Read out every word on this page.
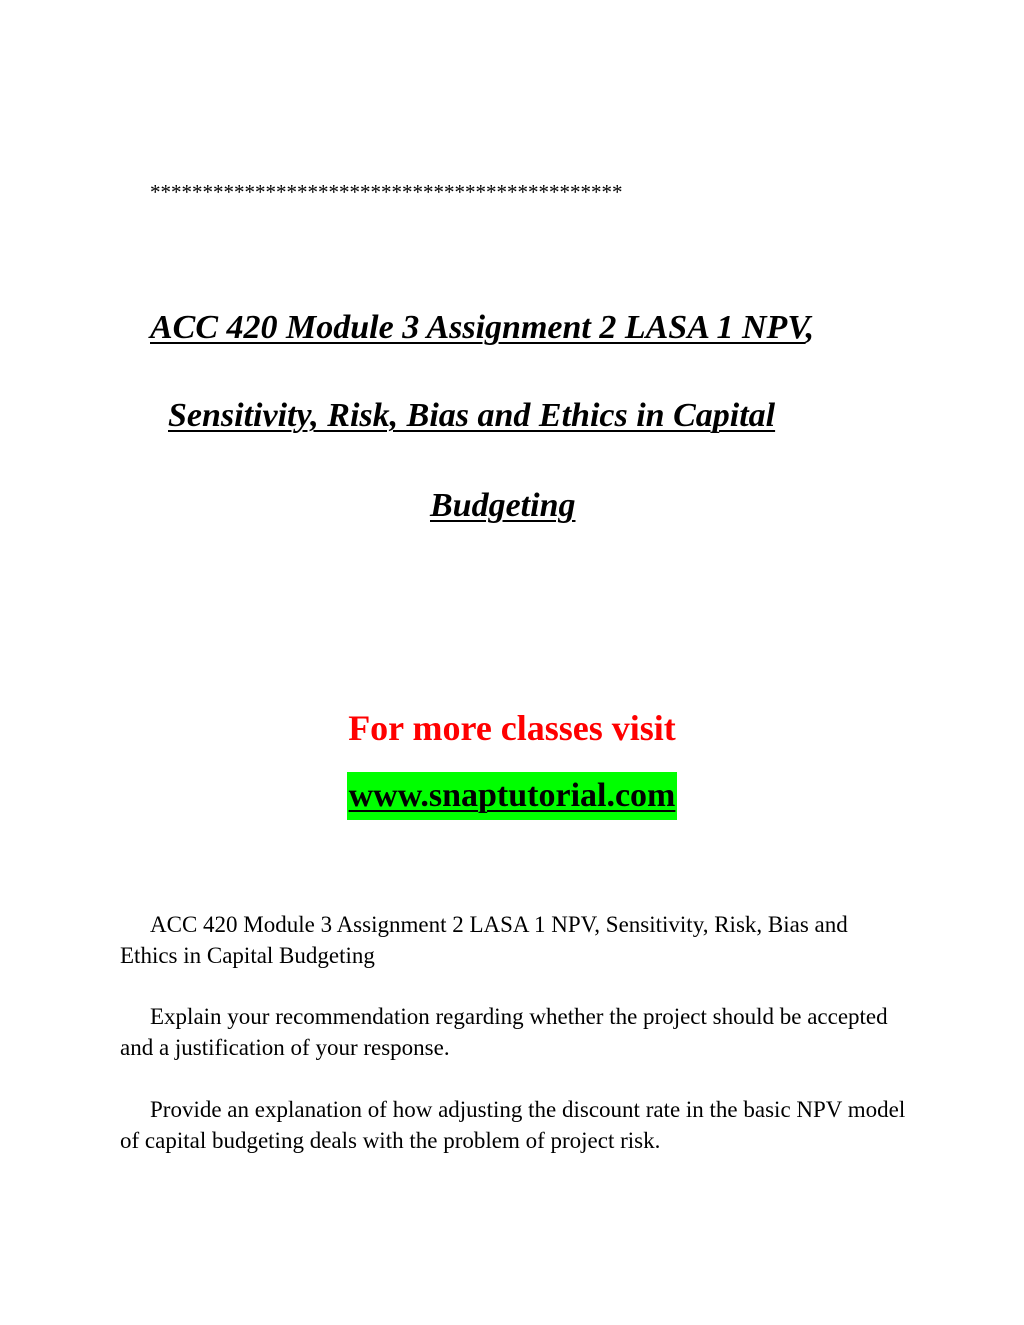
*********************************************
ACC 420 Module 3 Assignment 2 LASA 1 NPV,
Sensitivity, Risk, Bias and Ethics in Capital
Budgeting
For more classes visit
www.snaptutorial.com
ACC 420 Module 3 Assignment 2 LASA 1 NPV, Sensitivity, Risk, Bias and Ethics in Capital Budgeting
Explain your recommendation regarding whether the project should be accepted and a justification of your response.
Provide an explanation of how adjusting the discount rate in the basic NPV model of capital budgeting deals with the problem of project risk.
